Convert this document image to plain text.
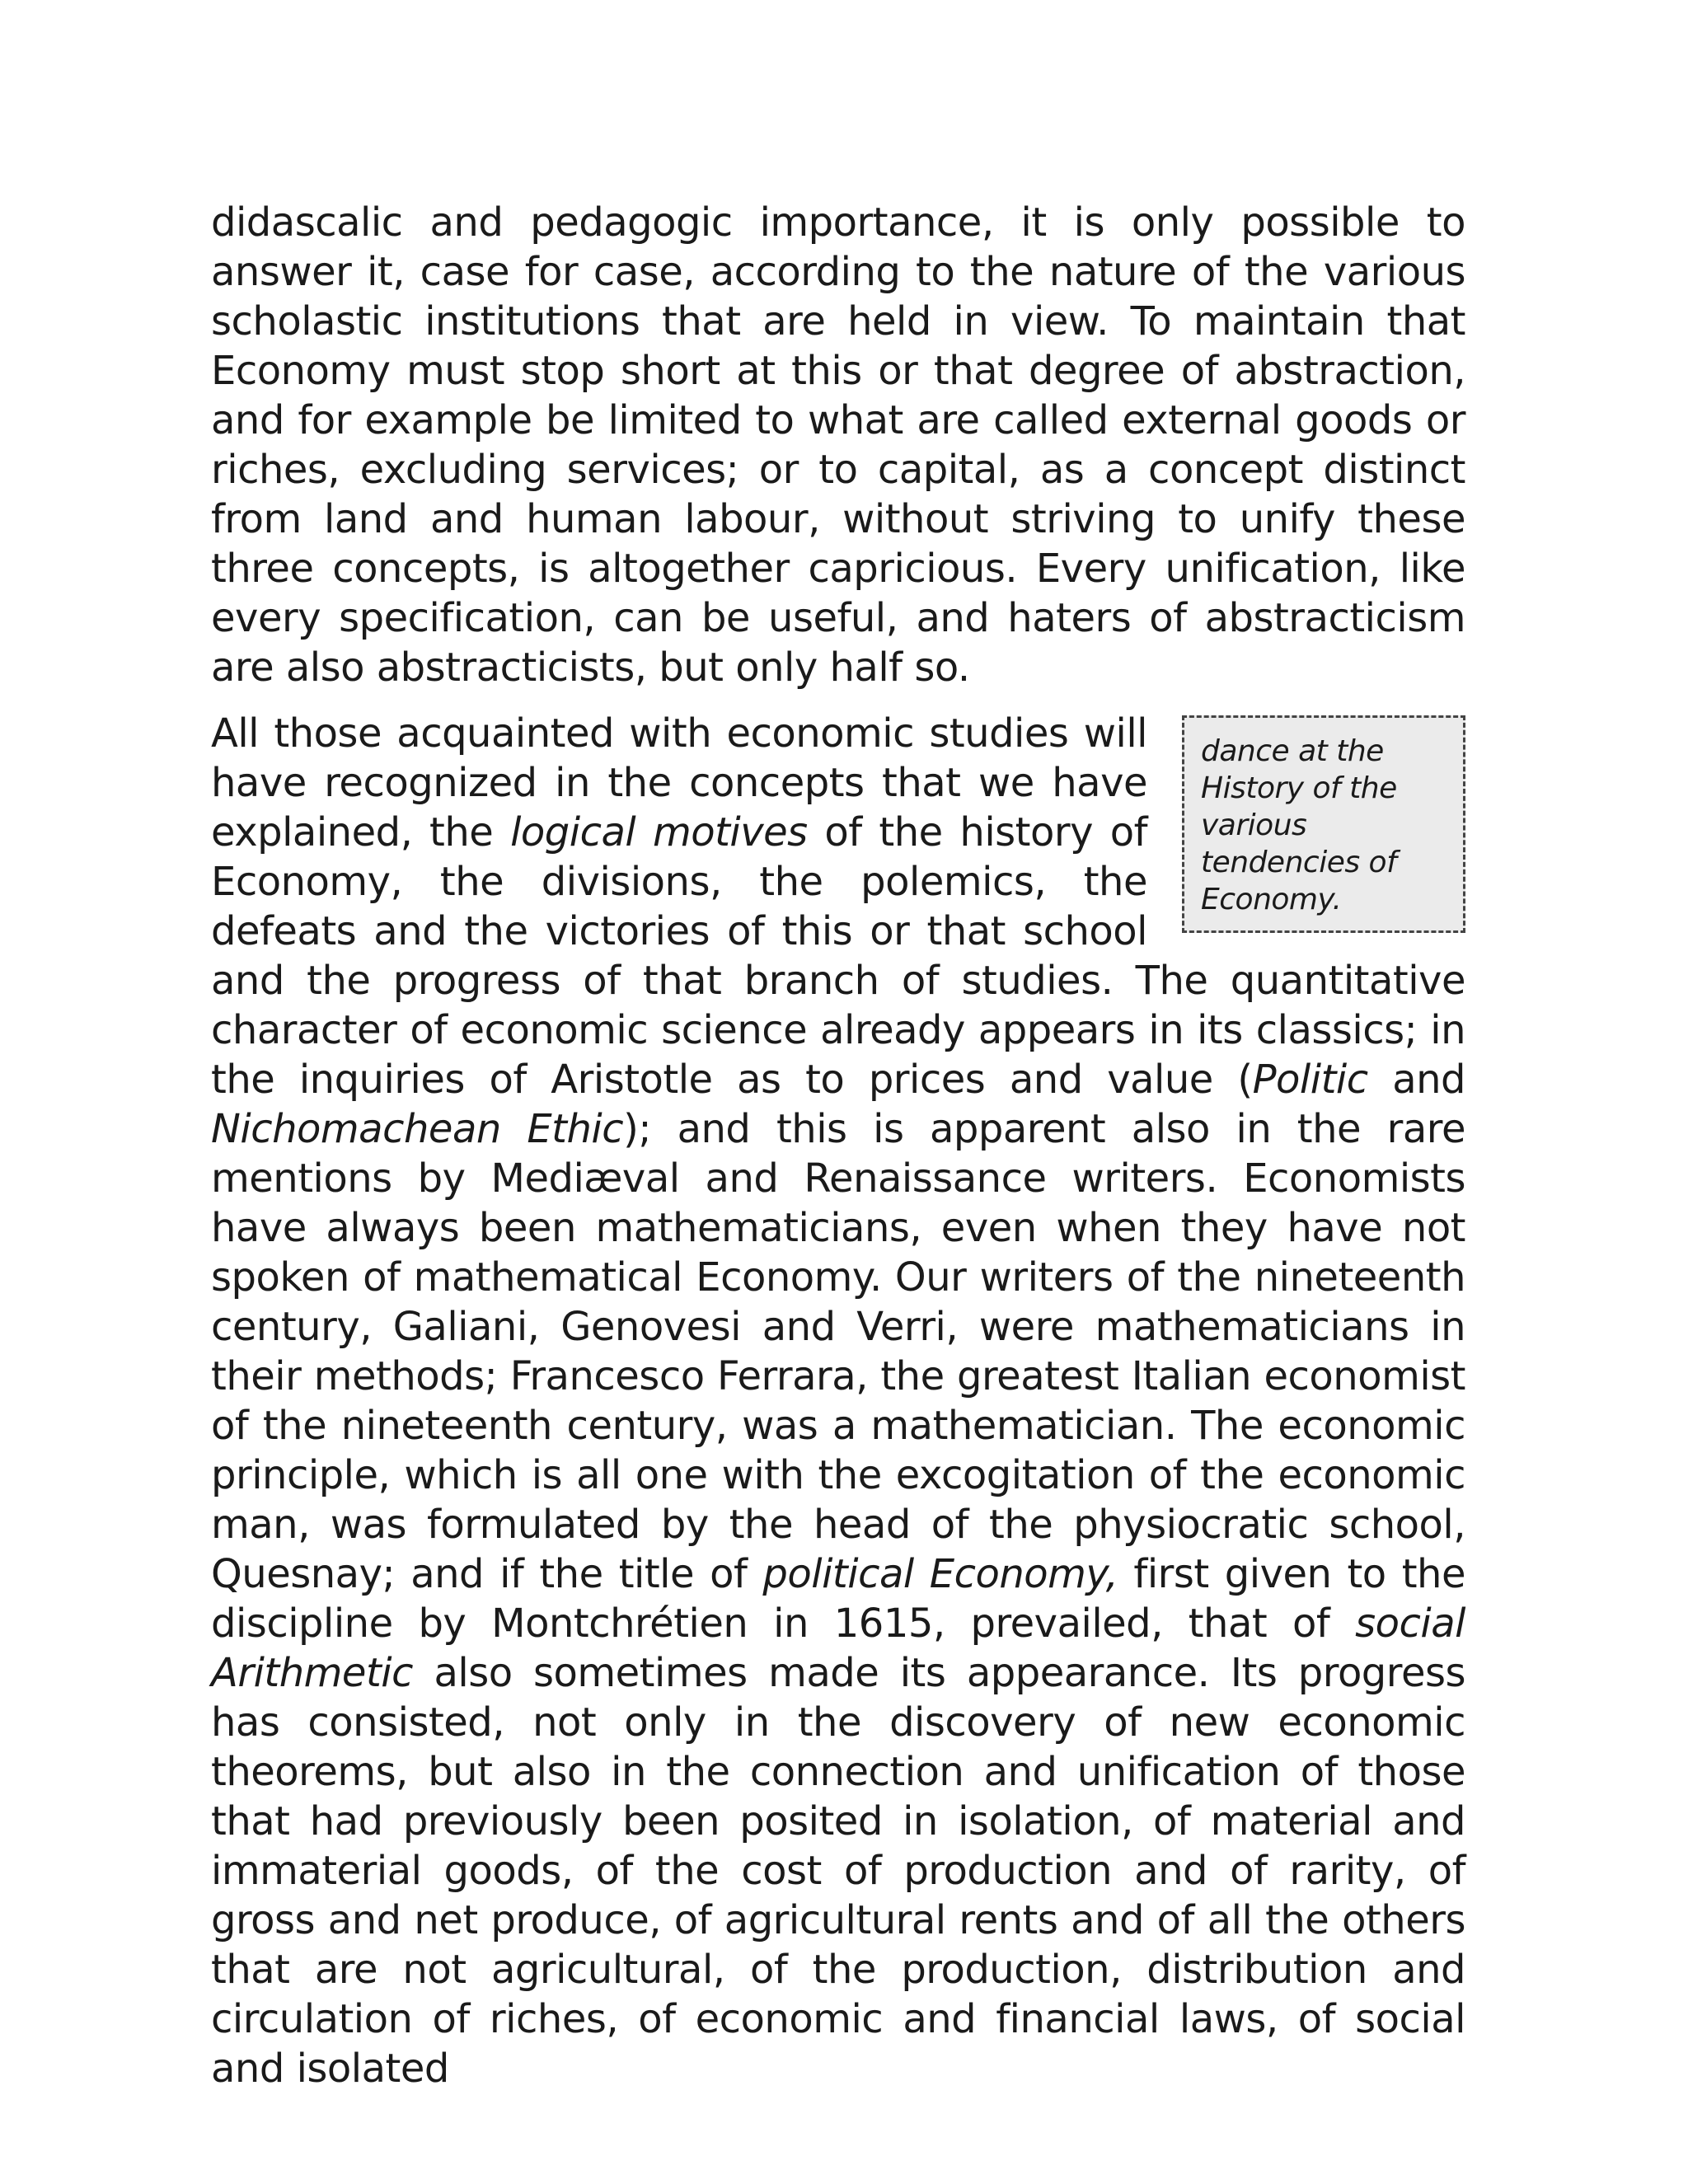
didascalic and pedagogic importance, it is only possible to answer it, case for case, according to the nature of the various scholastic institutions that are held in view. To maintain that Economy must stop short at this or that degree of abstraction, and for example be limited to what are called external goods or riches, excluding services; or to capital, as a concept distinct from land and human labour, without striving to unify these three concepts, is altogether capricious. Every unification, like every specification, can be useful, and haters of abstracticism are also abstracticists, but only half so.

dance at the History of the various tendencies of Economy.
All those acquainted with economic studies will have recognized in the concepts that we have explained, the logical motives of the history of Economy, the divisions, the polemics, the defeats and the victories of this or that school and the progress of that branch of studies. The quantitative character of economic science already appears in its classics; in the inquiries of Aristotle as to prices and value (Politic and Nichomachean Ethic); and this is apparent also in the rare mentions by Mediæval and Renaissance writers. Economists have always been mathematicians, even when they have not spoken of mathematical Economy. Our writers of the nineteenth century, Galiani, Genovesi and Verri, were mathematicians in their methods; Francesco Ferrara, the greatest Italian economist of the nineteenth century, was a mathematician. The economic principle, which is all one with the excogitation of the economic man, was formulated by the head of the physiocratic school, Quesnay; and if the title of political Economy, first given to the discipline by Montchrétien in 1615, prevailed, that of social Arithmetic also sometimes made its appearance. Its progress has consisted, not only in the discovery of new economic theorems, but also in the connection and unification of those that had previously been posited in isolation, of material and immaterial goods, of the cost of production and of rarity, of gross and net produce, of agricultural rents and of all the others that are not agricultural, of the production, distribution and circulation of riches, of economic and financial laws, of social and isolated
